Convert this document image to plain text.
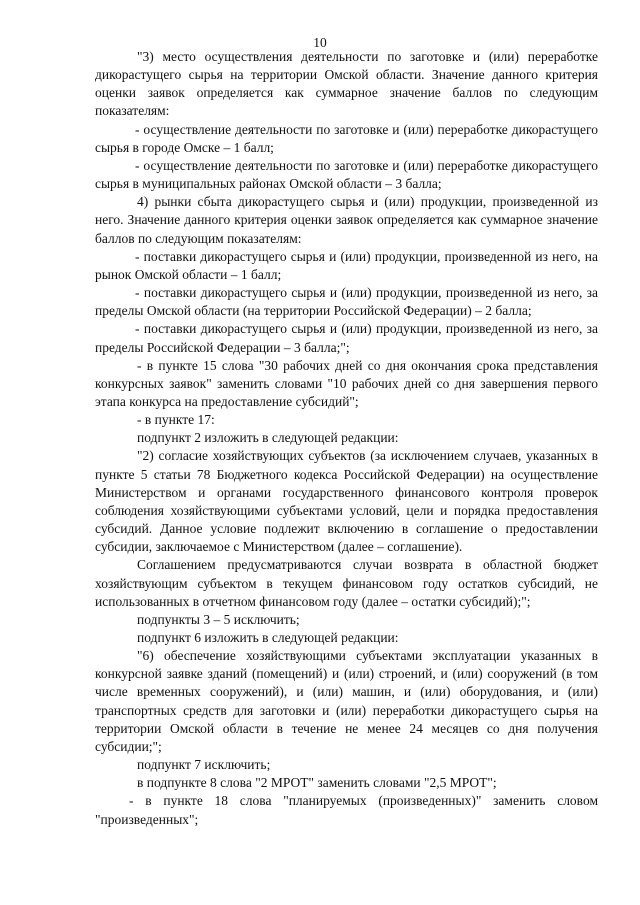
10

"3) место осуществления деятельности по заготовке и (или) переработке дикорастущего сырья на территории Омской области. Значение данного критерия оценки заявок определяется как суммарное значение баллов по следующим показателям:

- осуществление деятельности по заготовке и (или) переработке дикорастущего сырья в городе Омске – 1 балл;

- осуществление деятельности по заготовке и (или) переработке дикорастущего сырья в муниципальных районах Омской области – 3 балла;

4) рынки сбыта дикорастущего сырья и (или) продукции, произведенной из него. Значение данного критерия оценки заявок определяется как суммарное значение баллов по следующим показателям:

- поставки дикорастущего сырья и (или) продукции, произведенной из него, на рынок Омской области – 1 балл;

- поставки дикорастущего сырья и (или) продукции, произведенной из него, за пределы Омской области (на территории Российской Федерации) – 2 балла;

- поставки дикорастущего сырья и (или) продукции, произведенной из него, за пределы Российской Федерации – 3 балла;";

- в пункте 15 слова "30 рабочих дней со дня окончания срока представления конкурсных заявок" заменить словами "10 рабочих дней со дня завершения первого этапа конкурса на предоставление субсидий";

- в пункте 17:

подпункт 2 изложить в следующей редакции:

"2) согласие хозяйствующих субъектов (за исключением случаев, указанных в пункте 5 статьи 78 Бюджетного кодекса Российской Федерации) на осуществление Министерством и органами государственного финансового контроля проверок соблюдения хозяйствующими субъектами условий, цели и порядка предоставления субсидий. Данное условие подлежит включению в соглашение о предоставлении субсидии, заключаемое с Министерством (далее – соглашение).

Соглашением предусматриваются случаи возврата в областной бюджет хозяйствующим субъектом в текущем финансовом году остатков субсидий, не использованных в отчетном финансовом году (далее – остатки субсидий);";

подпункты 3 – 5 исключить;

подпункт 6 изложить в следующей редакции:

"6) обеспечение хозяйствующими субъектами эксплуатации указанных в конкурсной заявке зданий (помещений) и (или) строений, и (или) сооружений (в том числе временных сооружений), и (или) машин, и (или) оборудования, и (или) транспортных средств для заготовки и (или) переработки дикорастущего сырья на территории Омской области в течение не менее 24 месяцев со дня получения субсидии;";

подпункт 7 исключить;

в подпункте 8 слова "2 МРОТ" заменить словами "2,5 МРОТ";

- в пункте 18 слова "планируемых (произведенных)" заменить словом "произведенных";
